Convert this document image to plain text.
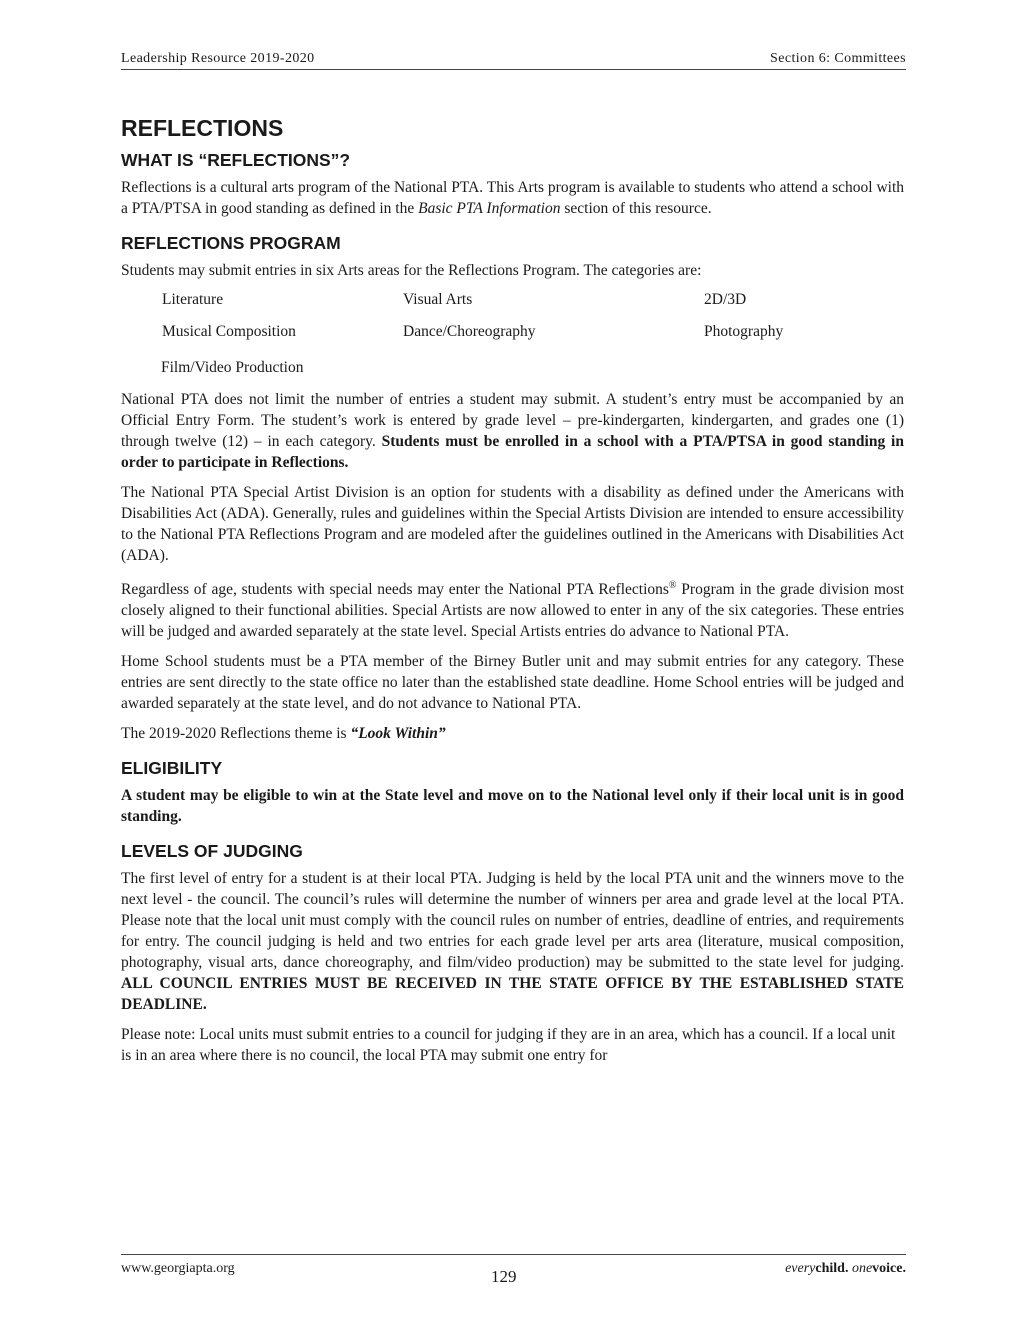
Leadership Resource 2019-2020	Section 6: Committees
REFLECTIONS
WHAT IS “REFLECTIONS”?

Reflections is a cultural arts program of the National PTA. This Arts program is available to students who attend a school with a PTA/PTSA in good standing as defined in the Basic PTA Information section of this resource.

REFLECTIONS PROGRAM

Students may submit entries in six Arts areas for the Reflections Program. The categories are:

Literature	Visual Arts	2D/3D
Musical Composition	Dance/Choreography	Photography
Film/Video Production

National PTA does not limit the number of entries a student may submit. A student’s entry must be accompanied by an Official Entry Form. The student’s work is entered by grade level – pre-kindergarten, kindergarten, and grades one (1) through twelve (12) – in each category. Students must be enrolled in a school with a PTA/PTSA in good standing in order to participate in Reflections.

The National PTA Special Artist Division is an option for students with a disability as defined under the Americans with Disabilities Act (ADA). Generally, rules and guidelines within the Special Artists Division are intended to ensure accessibility to the National PTA Reflections Program and are modeled after the guidelines outlined in the Americans with Disabilities Act (ADA).

Regardless of age, students with special needs may enter the National PTA Reflections® Program in the grade division most closely aligned to their functional abilities. Special Artists are now allowed to enter in any of the six categories. These entries will be judged and awarded separately at the state level. Special Artists entries do advance to National PTA.

Home School students must be a PTA member of the Birney Butler unit and may submit entries for any category. These entries are sent directly to the state office no later than the established state deadline. Home School entries will be judged and awarded separately at the state level, and do not advance to National PTA.

The 2019-2020 Reflections theme is “Look Within”

ELIGIBILITY

A student may be eligible to win at the State level and move on to the National level only if their local unit is in good standing.

LEVELS OF JUDGING

The first level of entry for a student is at their local PTA. Judging is held by the local PTA unit and the winners move to the next level - the council. The council’s rules will determine the number of winners per area and grade level at the local PTA. Please note that the local unit must comply with the council rules on number of entries, deadline of entries, and requirements for entry. The council judging is held and two entries for each grade level per arts area (literature, musical composition, photography, visual arts, dance choreography, and film/video production) may be submitted to the state level for judging. ALL COUNCIL ENTRIES MUST BE RECEIVED IN THE STATE OFFICE BY THE ESTABLISHED STATE DEADLINE.

Please note: Local units must submit entries to a council for judging if they are in an area, which has a council. If a local unit is in an area where there is no council, the local PTA may submit one entry for

www.georgiapta.org	129	everychild. onevoice.
